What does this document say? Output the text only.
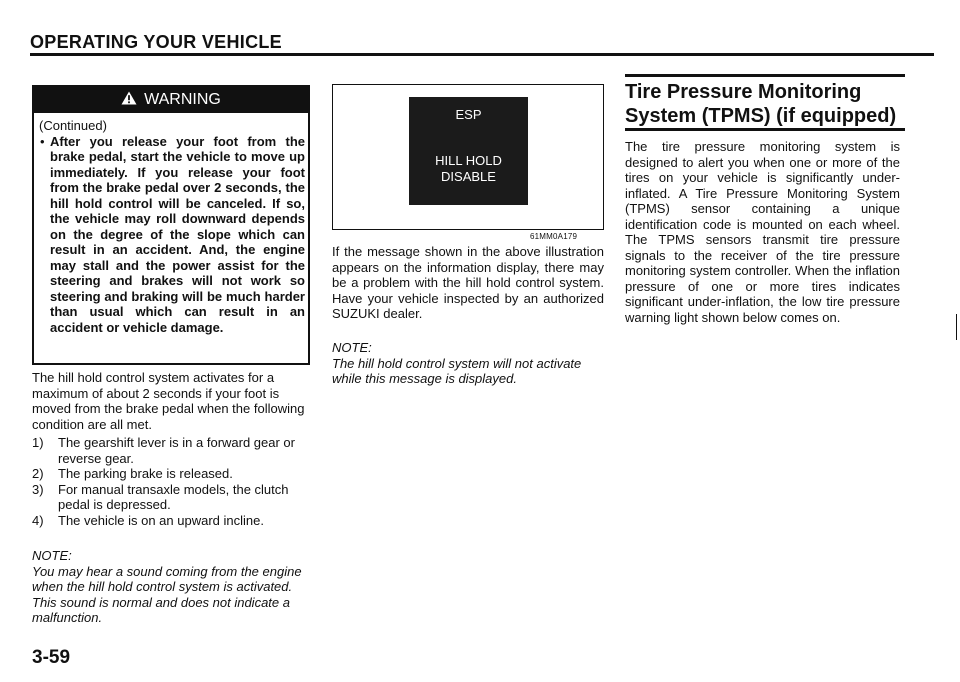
OPERATING YOUR VEHICLE
WARNING
(Continued)
• After you release your foot from the brake pedal, start the vehicle to move up immediately. If you release your foot from the brake pedal over 2 seconds, the hill hold control will be canceled. If so, the vehicle may roll downward depends on the degree of the slope which can result in an accident. And, the engine may stall and the power assist for the steering and brakes will not work so steering and braking will be much harder than usual which can result in an accident or vehicle damage.
The hill hold control system activates for a maximum of about 2 seconds if your foot is moved from the brake pedal when the following condition are all met.
1)	The gearshift lever is in a forward gear or reverse gear.
2)	The parking brake is released.
3)	For manual transaxle models, the clutch pedal is depressed.
4)	The vehicle is on an upward incline.
NOTE:
You may hear a sound coming from the engine when the hill hold control system is activated. This sound is normal and does not indicate a malfunction.
3-59
ESP
HILL HOLD
DISABLE
61MM0A179
If the message shown in the above illustration appears on the information display, there may be a problem with the hill hold control system. Have your vehicle inspected by an authorized SUZUKI dealer.
NOTE:
The hill hold control system will not activate while this message is displayed.
Tire Pressure Monitoring System (TPMS) (if equipped)
The tire pressure monitoring system is designed to alert you when one or more of the tires on your vehicle is significantly under-inflated. A Tire Pressure Monitoring System (TPMS) sensor containing a unique identification code is mounted on each wheel. The TPMS sensors transmit tire pressure signals to the receiver of the tire pressure monitoring system controller. When the inflation pressure of one or more tires indicates significant under-inflation, the low tire pressure warning light shown below comes on.
